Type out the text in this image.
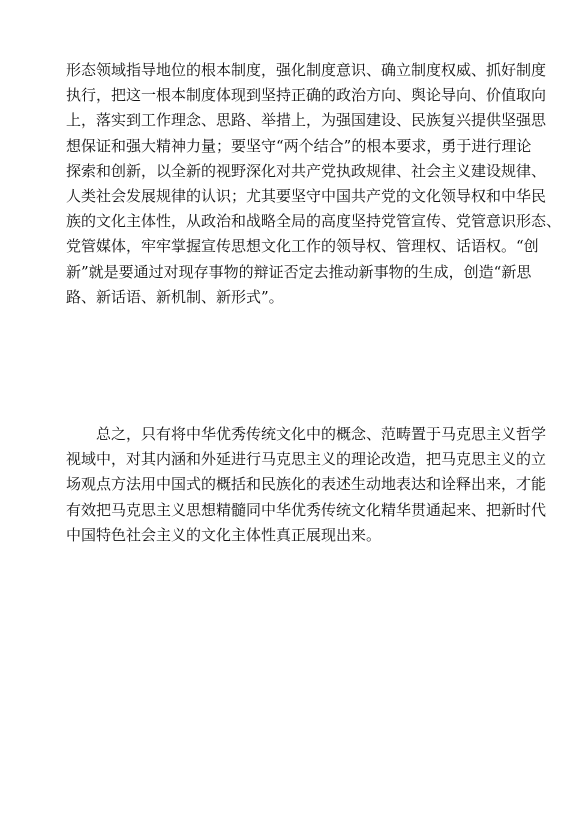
形态领域指导地位的根本制度，强化制度意识、确立制度权威、抓好制度
执行，把这一根本制度体现到坚持正确的政治方向、舆论导向、价值取向
上，落实到工作理念、思路、举措上，为强国建设、民族复兴提供坚强思
想保证和强大精神力量；要坚守“两个结合”的根本要求，勇于进行理论
探索和创新，以全新的视野深化对共产党执政规律、社会主义建设规律、
人类社会发展规律的认识；尤其要坚守中国共产党的文化领导权和中华民
族的文化主体性，从政治和战略全局的高度坚持党管宣传、党管意识形态、
党管媒体，牢牢掌握宣传思想文化工作的领导权、管理权、话语权。“创
新”就是要通过对现存事物的辩证否定去推动新事物的生成，创造“新思
路、新话语、新机制、新形式”。
总之，只有将中华优秀传统文化中的概念、范畴置于马克思主义哲学
视域中，对其内涵和外延进行马克思主义的理论改造，把马克思主义的立
场观点方法用中国式的概括和民族化的表述生动地表达和诠释出来，才能
有效把马克思主义思想精髓同中华优秀传统文化精华贯通起来、把新时代
中国特色社会主义的文化主体性真正展现出来。
